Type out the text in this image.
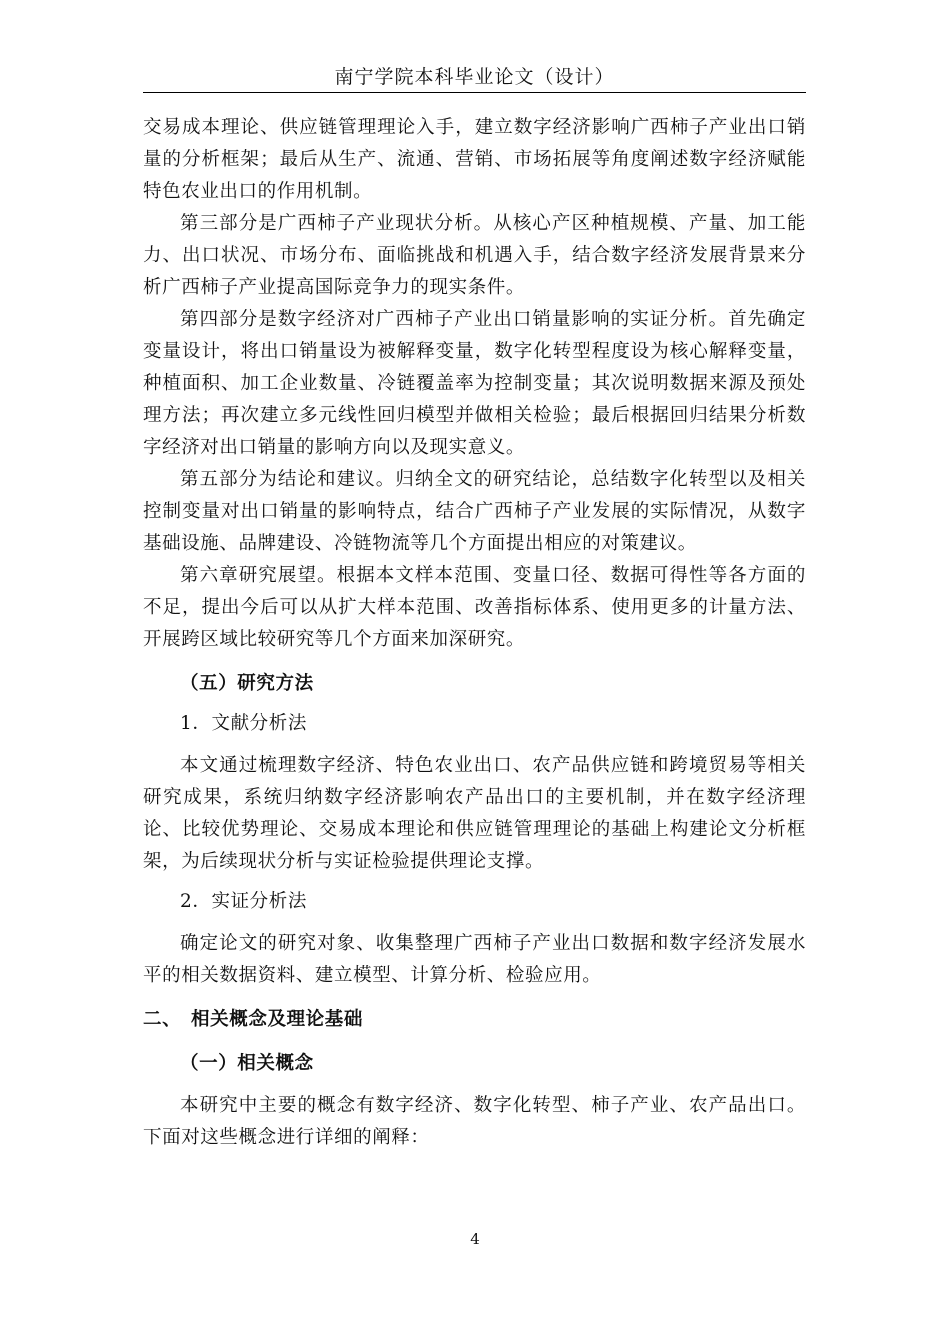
南宁学院本科毕业论文（设计）

交易成本理论、供应链管理理论入手，建立数字经济影响广西柿子产业出口销量的分析框架；最后从生产、流通、营销、市场拓展等角度阐述数字经济赋能特色农业出口的作用机制。

第三部分是广西柿子产业现状分析。从核心产区种植规模、产量、加工能力、出口状况、市场分布、面临挑战和机遇入手，结合数字经济发展背景来分析广西柿子产业提高国际竞争力的现实条件。

第四部分是数字经济对广西柿子产业出口销量影响的实证分析。首先确定变量设计，将出口销量设为被解释变量，数字化转型程度设为核心解释变量，种植面积、加工企业数量、冷链覆盖率为控制变量；其次说明数据来源及预处理方法；再次建立多元线性回归模型并做相关检验；最后根据回归结果分析数字经济对出口销量的影响方向以及现实意义。

第五部分为结论和建议。归纳全文的研究结论，总结数字化转型以及相关控制变量对出口销量的影响特点，结合广西柿子产业发展的实际情况，从数字基础设施、品牌建设、冷链物流等几个方面提出相应的对策建议。

第六章研究展望。根据本文样本范围、变量口径、数据可得性等各方面的不足，提出今后可以从扩大样本范围、改善指标体系、使用更多的计量方法、开展跨区域比较研究等几个方面来加深研究。

（五）研究方法
1．文献分析法

本文通过梳理数字经济、特色农业出口、农产品供应链和跨境贸易等相关研究成果，系统归纳数字经济影响农产品出口的主要机制，并在数字经济理论、比较优势理论、交易成本理论和供应链管理理论的基础上构建论文分析框架，为后续现状分析与实证检验提供理论支撑。

2．实证分析法

确定论文的研究对象、收集整理广西柿子产业出口数据和数字经济发展水平的相关数据资料、建立模型、计算分析、检验应用。

二、　相关概念及理论基础
（一）相关概念

本研究中主要的概念有数字经济、数字化转型、柿子产业、农产品出口。下面对这些概念进行详细的阐释：

4
